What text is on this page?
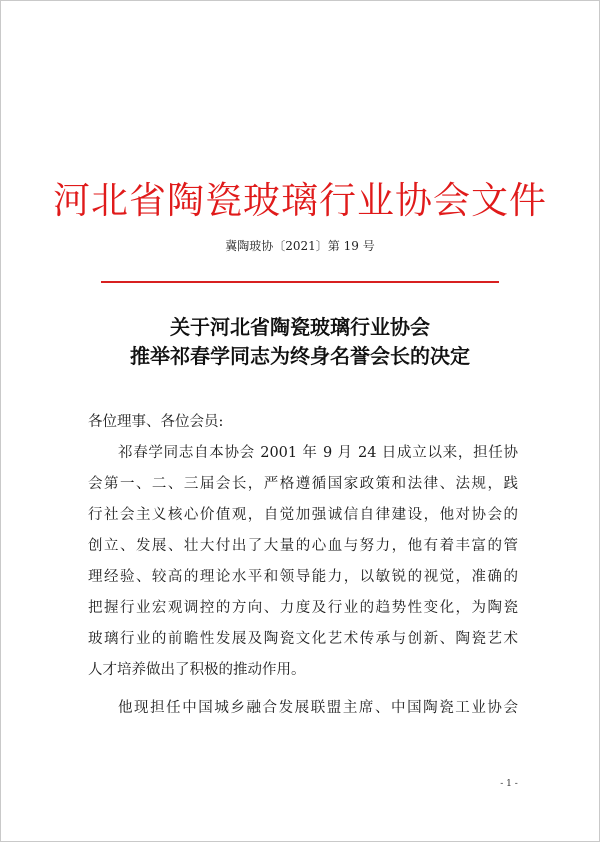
河北省陶瓷玻璃行业协会文件
冀陶玻协〔2021〕第 19 号
关于河北省陶瓷玻璃行业协会
推举祁春学同志为终身名誉会长的决定
各位理事、各位会员:
祁春学同志自本协会 2001 年 9 月 24 日成立以来，担任协
会第一、二、三届会长，严格遵循国家政策和法律、法规，践
行社会主义核心价值观，自觉加强诚信自律建设，他对协会的
创立、发展、壮大付出了大量的心血与努力，他有着丰富的管
理经验、较高的理论水平和领导能力，以敏锐的视觉，准确的
把握行业宏观调控的方向、力度及行业的趋势性变化，为陶瓷
玻璃行业的前瞻性发展及陶瓷文化艺术传承与创新、陶瓷艺术
人才培养做出了积极的推动作用。
他现担任中国城乡融合发展联盟主席、中国陶瓷工业协会
- 1 -
